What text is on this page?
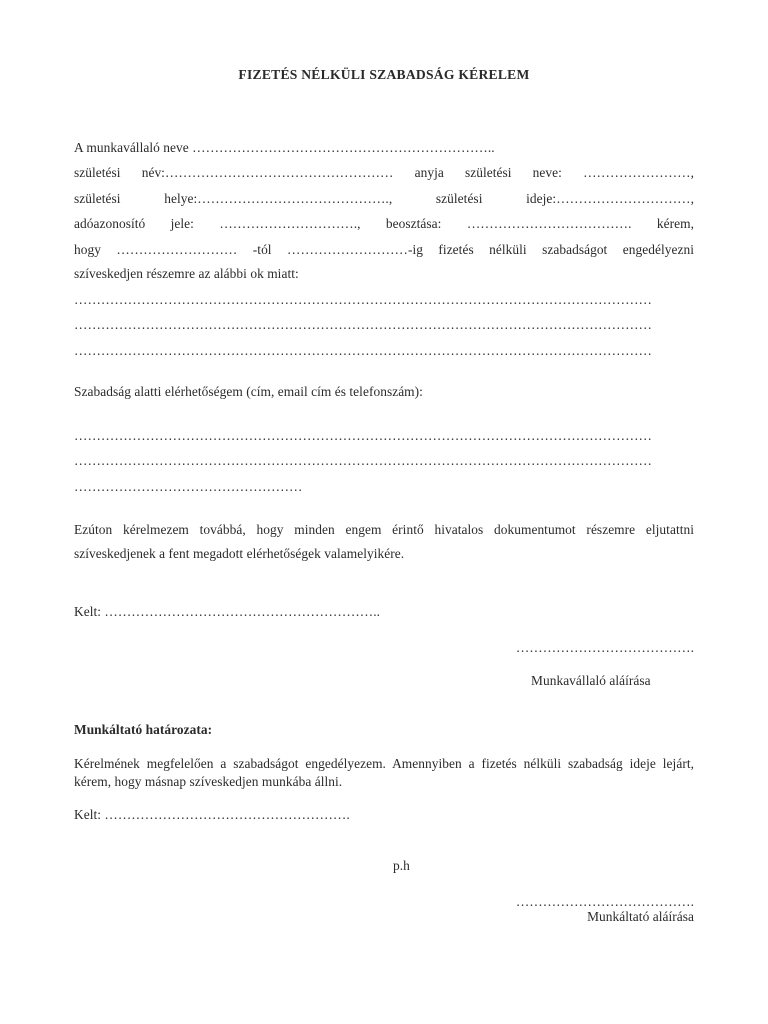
FIZETÉS NÉLKÜLI SZABADSÁG KÉRELEM
A munkavállaló neve …………………………………………………………..
születési név:…………………………………………… anyja születési neve: ……………………,
születési helye:……………………………………., születési ideje:…………………………,
adóazonosító jele: …………………………., beosztása: ………………………………. kérem,
hogy ……………………… -tól ………………………-ig fizetés nélküli szabadságot engedélyezni
szíveskedjen részemre az alábbi ok miatt:
…………………………………………………………………………………………………………………
…………………………………………………………………………………………………………………
…………………………………………………………………………………………………………………
Szabadság alatti elérhetőségem (cím, email cím és telefonszám):
…………………………………………………………………………………………………………………
…………………………………………………………………………………………………………………
……………………………………………
Ezúton kérelmezem továbbá, hogy minden engem érintő hivatalos dokumentumot részemre eljutattni szíveskedjenek a fent megadott elérhetőségek valamelyikére.
Kelt: ……………………………………………………..
………………………………….
Munkavállaló aláírása
Munkáltató határozata:
Kérelmének megfelelően a szabadságot engedélyezem. Amennyiben a fizetés nélküli szabadság ideje lejárt, kérem, hogy másnap szíveskedjen munkába állni.
Kelt: ……………………………………………….
p.h
………………………………….
Munkáltató aláírása
